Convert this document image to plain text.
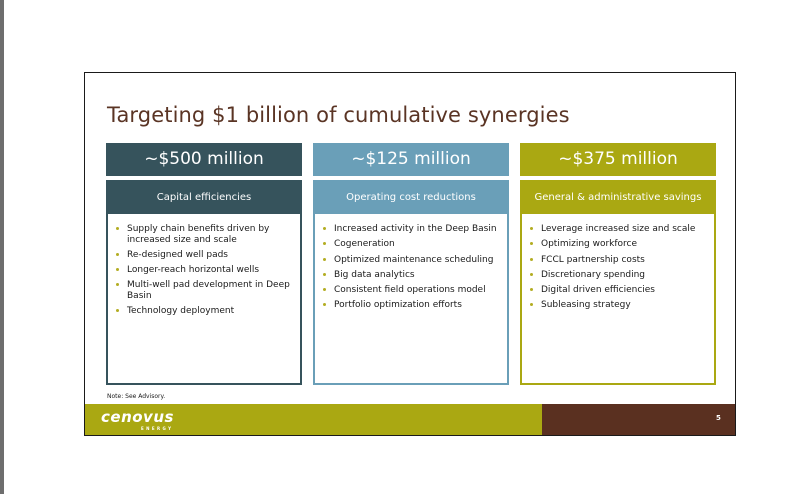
Targeting $1 billion of cumulative synergies
~$500 million
Capital efficiencies
Supply chain benefits driven by increased size and scale
Re-designed well pads
Longer-reach horizontal wells
Multi-well pad development in Deep Basin
Technology deployment
~$125 million
Operating cost reductions
Increased activity in the Deep Basin
Cogeneration
Optimized maintenance scheduling
Big data analytics
Consistent field operations model
Portfolio optimization efforts
~$375 million
General & administrative savings
Leverage increased size and scale
Optimizing workforce
FCCL partnership costs
Discretionary spending
Digital driven efficiencies
Subleasing strategy
Note: See Advisory.
cenovus
ENERGY
5
